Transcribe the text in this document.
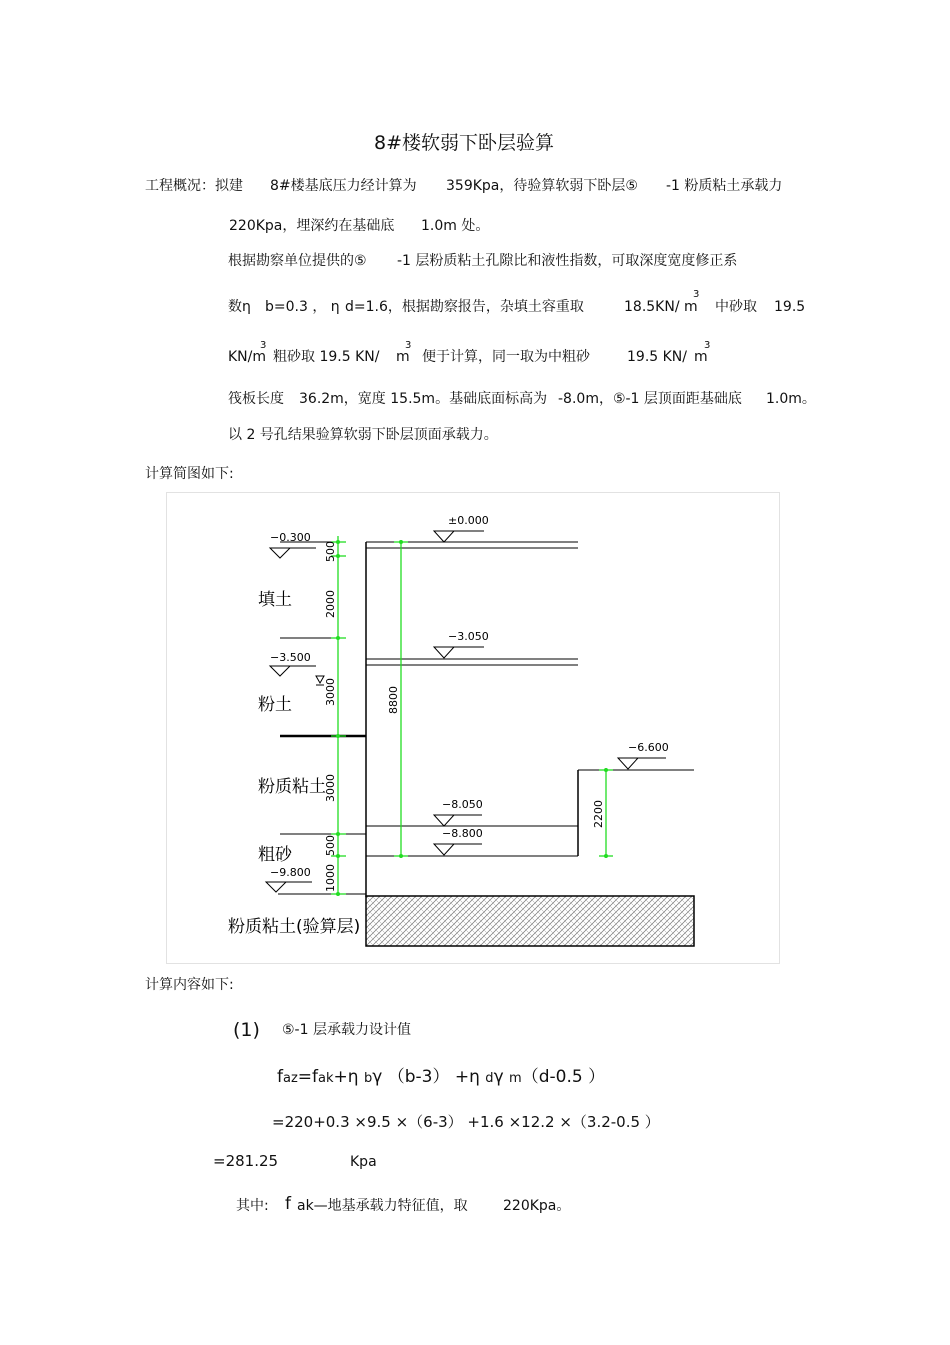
8#楼软弱下卧层验算
工程概况：拟建 8#楼基底压力经计算为 359Kpa，待验算软弱下卧层⑤ -1 粉质粘土承载力
220Kpa，埋深约在基础底 1.0m 处。
根据勘察单位提供的⑤ -1 层粉质粘土孔隙比和液性指数，可取深度宽度修正系
数η b=0.3 ， η d=1.6，根据勘察报告，杂填土容重取	18.5KN/ m
3
中砂取 19.5
KN/m
3
粗砂取 19.5 KN/ m
3
便于计算，同一取为中粗砂	19.5 KN/ m
3
筏板长度 36.2m，宽度 15.5m。基础底面标高为 -8.0m，⑤-1 层顶面距基础底 1.0m。
以 2 号孔结果验算软弱下卧层顶面承载力。
计算简图如下:
±0.000
−0.300
−3.050
−3.500
−6.600
−8.050
−8.800
−9.800
500
2000
3000
3000
500
1000
8800
2200
填土
粉土
粉质粘土
粗砂
粉质粘土(验算层)
计算内容如下:
(1) ⑤-1 层承载力设计值
faz=fak+η bγ （b-3） +η dγ m（d-0.5 ）
=220+0.3 ×9.5 ×（6-3） +1.6 ×12.2 ×（3.2-0.5 ）
=281.25	Kpa
其中: f ak—地基承载力特征值，取	220Kpa。
